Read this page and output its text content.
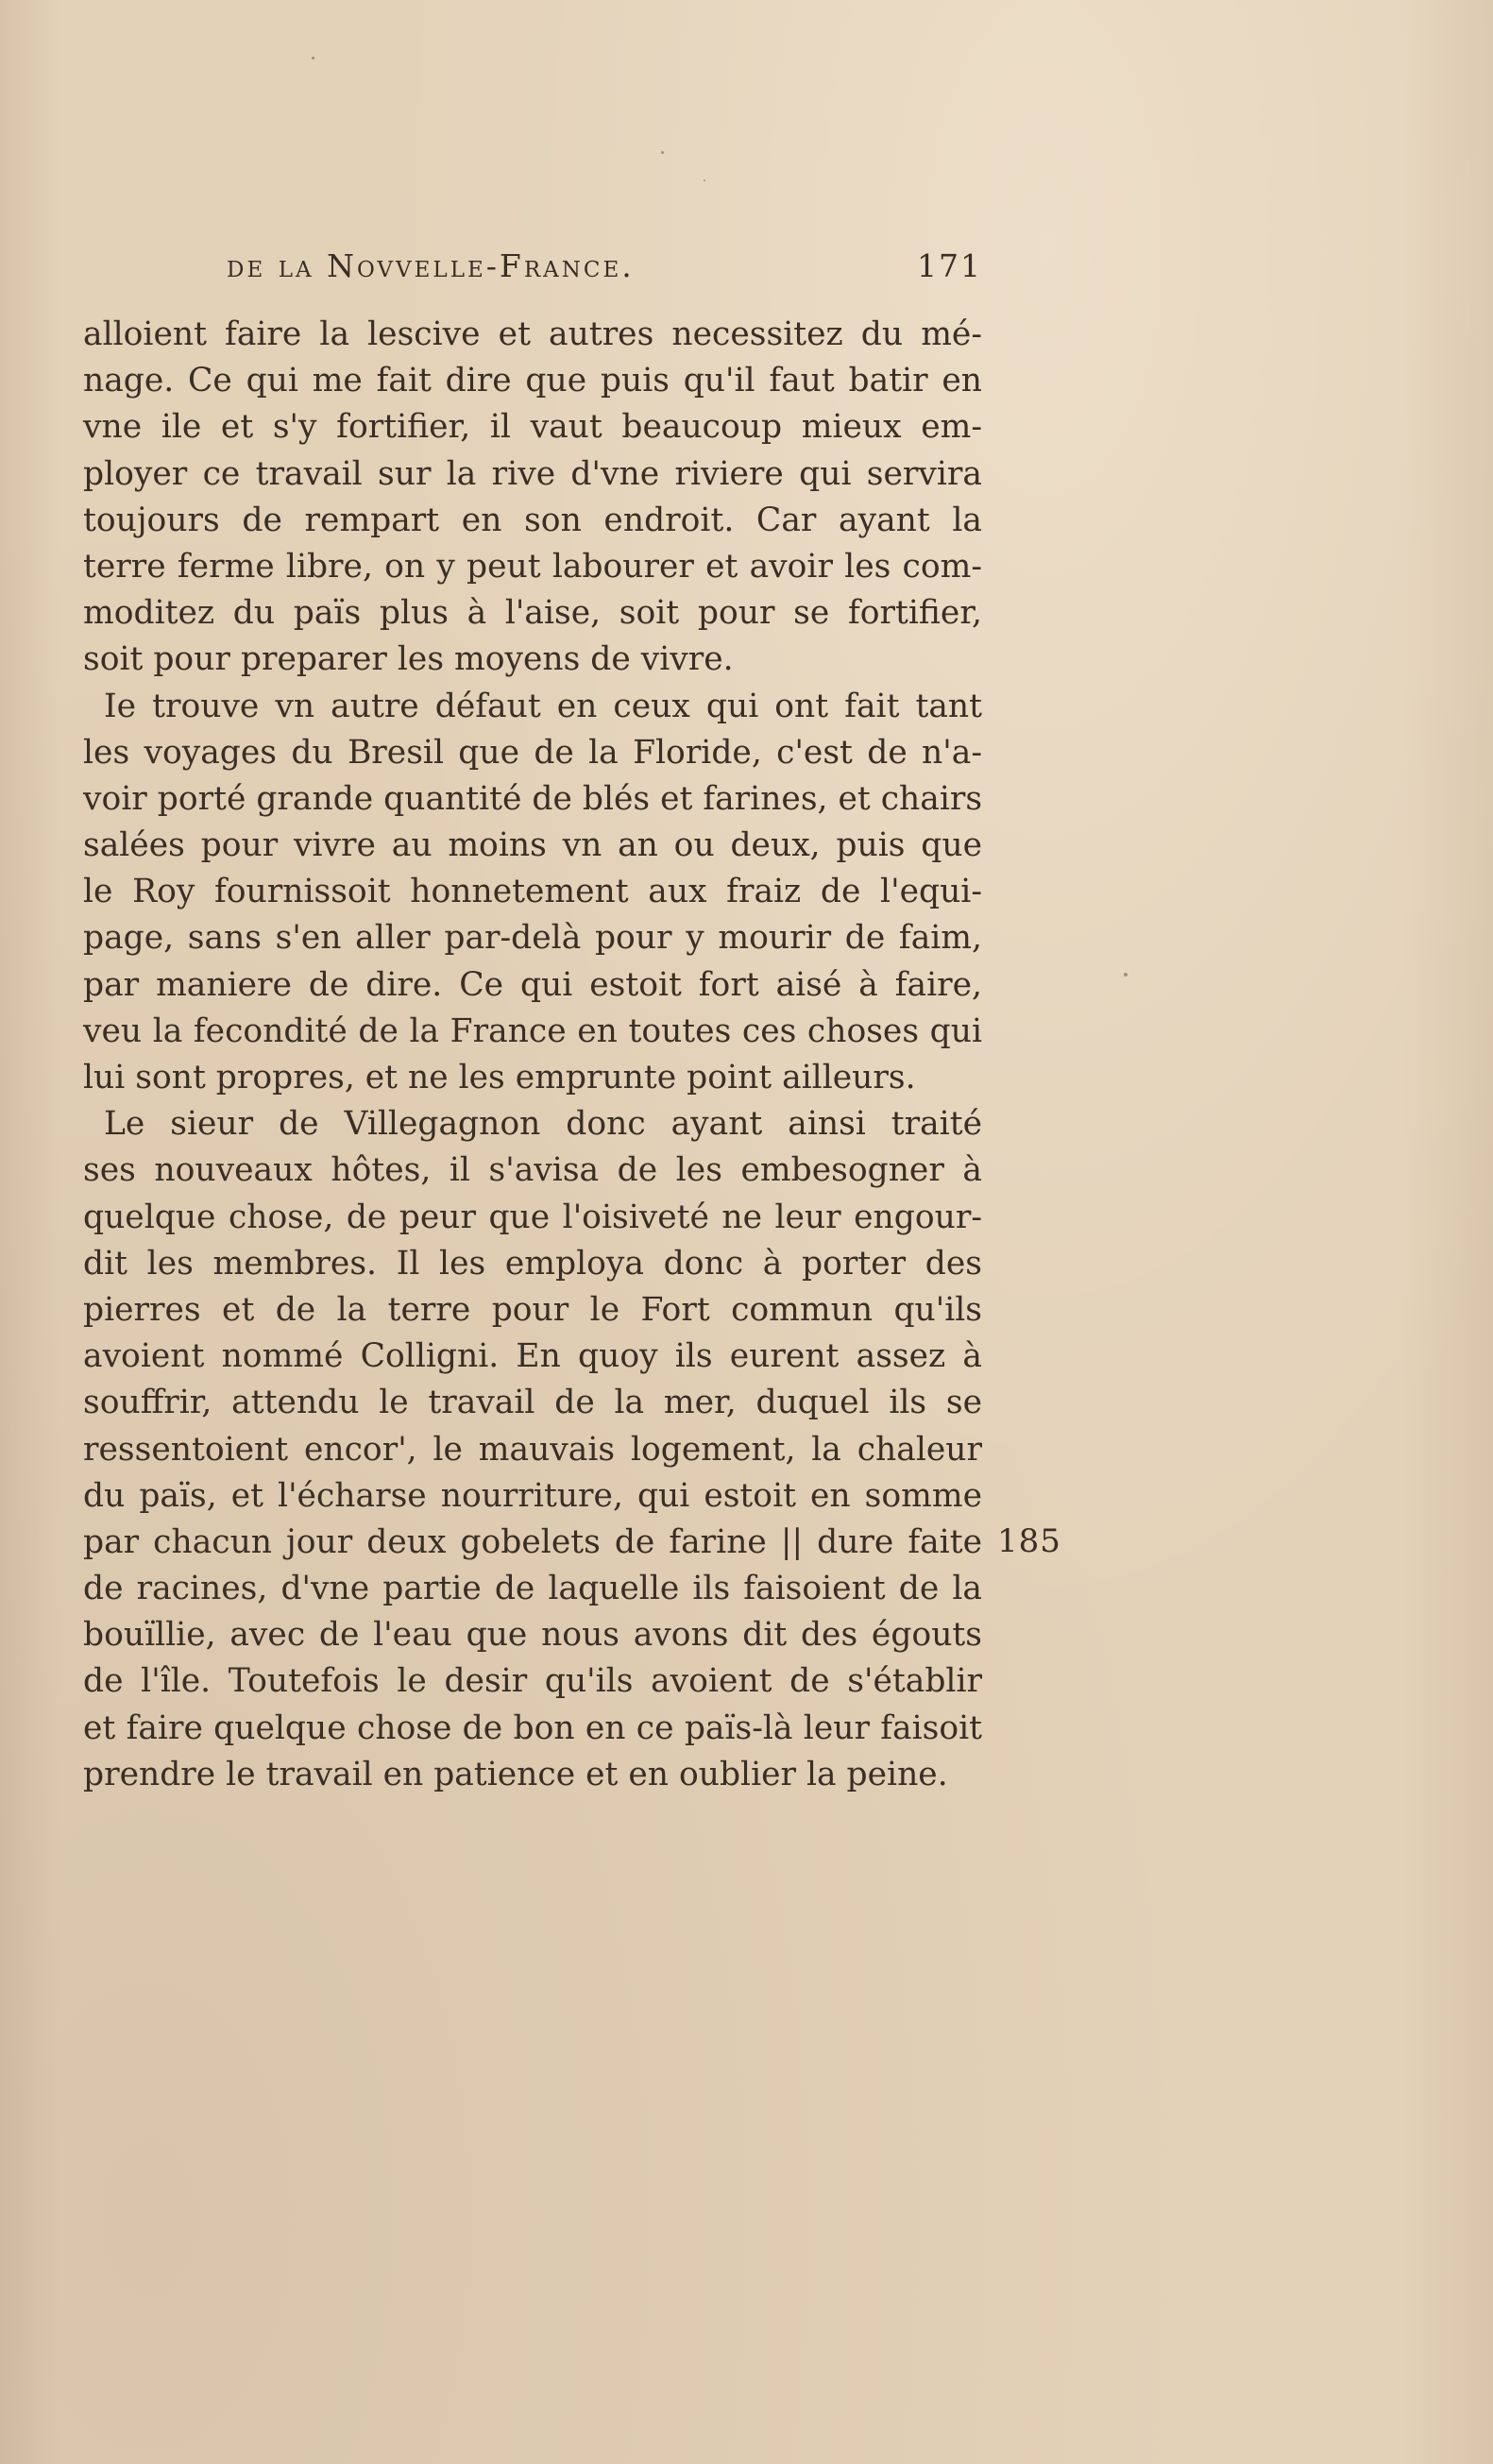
de la Novvelle-France.	171
alloient faire la lescive et autres necessitez du mé-
nage. Ce qui me fait dire que puis qu'il faut batir en
vne ile et s'y fortifier, il vaut beaucoup mieux em-
ployer ce travail sur la rive d'vne riviere qui servira
toujours de rempart en son endroit. Car ayant la
terre ferme libre, on y peut labourer et avoir les com-
moditez du païs plus à l'aise, soit pour se fortifier,
soit pour preparer les moyens de vivre.
Ie trouve vn autre défaut en ceux qui ont fait tant
les voyages du Bresil que de la Floride, c'est de n'a-
voir porté grande quantité de blés et farines, et chairs
salées pour vivre au moins vn an ou deux, puis que
le Roy fournissoit honnetement aux fraiz de l'equi-
page, sans s'en aller par-delà pour y mourir de faim,
par maniere de dire. Ce qui estoit fort aisé à faire,
veu la fecondité de la France en toutes ces choses qui
lui sont propres, et ne les emprunte point ailleurs.
Le sieur de Villegagnon donc ayant ainsi traité
ses nouveaux hôtes, il s'avisa de les embesogner à
quelque chose, de peur que l'oisiveté ne leur engour-
dit les membres. Il les employa donc à porter des
pierres et de la terre pour le Fort commun qu'ils
avoient nommé Colligni. En quoy ils eurent assez à
souffrir, attendu le travail de la mer, duquel ils se
ressentoient encor', le mauvais logement, la chaleur
du païs, et l'écharse nourriture, qui estoit en somme
par chacun jour deux gobelets de farine || dure faite
de racines, d'vne partie de laquelle ils faisoient de la
bouïllie, avec de l'eau que nous avons dit des égouts
de l'île. Toutefois le desir qu'ils avoient de s'établir
et faire quelque chose de bon en ce païs-là leur faisoit
prendre le travail en patience et en oublier la peine.
185
